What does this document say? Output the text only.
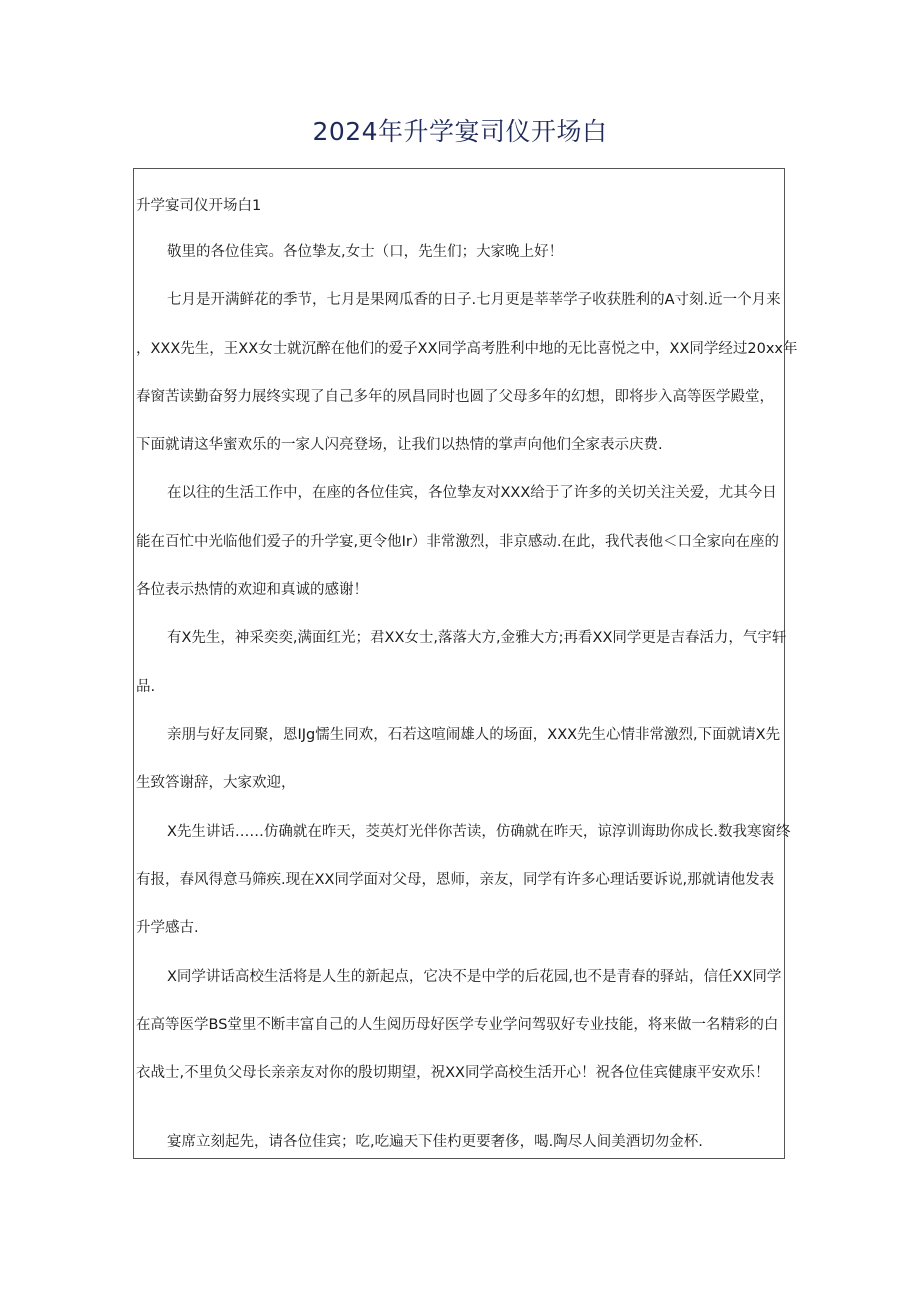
2024年升学宴司仪开场白

升学宴司仪开场白1

敬里的各位佳宾。各位挚友,女士（口，先生们；大家晚上好！

七月是开满鲜花的季节，七月是果网瓜香的日子.七月更是莘莘学子收获胜利的A寸刻.近一个月来

，XXX先生，王XX女士就沉醉在他们的爱子XX同学高考胜利中地的无比喜悦之中，XX同学经过20xx年

春窗苦读勤奋努力展终实现了自己多年的夙昌同时也圆了父母多年的幻想，即将步入高等医学殿堂，

下面就请这华蜜欢乐的一家人闪亮登场，让我们以热情的掌声向他们全家表示庆费.

在以往的生活工作中，在座的各位佳宾，各位挚友对XXX给于了许多的关切关注关爱，尤其今日

能在百忙中光临他们爱子的升学宴,更令他Ir）非常激烈，非京感动.在此，我代表他＜口全家向在座的

各位表示热情的欢迎和真诚的感谢！

有X先生，神采奕奕,满面红光；君XX女士,落落大方,金雅大方;再看XX同学更是吉春活力，气宇轩

品.

亲朋与好友同聚，恩IJg懦生同欢，石若这喧闹雄人的场面，XXX先生心情非常激烈,下面就请X先

生致答谢辞，大家欢迎，

X先生讲话……仿确就在昨天，茭英灯光伴你苦读，仿确就在昨天，谅淳训诲助你成长.数我寒窗终

有报，春风得意马筛疾.现在XX同学面对父母，恩师，亲友，同学有许多心理话要诉说,那就请他发表

升学感古.

X同学讲话高校生活将是人生的新起点，它决不是中学的后花园,也不是青春的驿站，信任XX同学

在高等医学BS堂里不断丰富自己的人生阅历母好医学专业学问驾驭好专业技能，将来做一名精彩的白

衣战士,不里负父母长亲亲友对你的殷切期望，祝XX同学高校生活开心！祝各位佳宾健康平安欢乐！

宴席立刻起先，请各位佳宾；吃,吃遍天下佳杓更要奢侈，喝.陶尽人间美酒切勿金杯.
